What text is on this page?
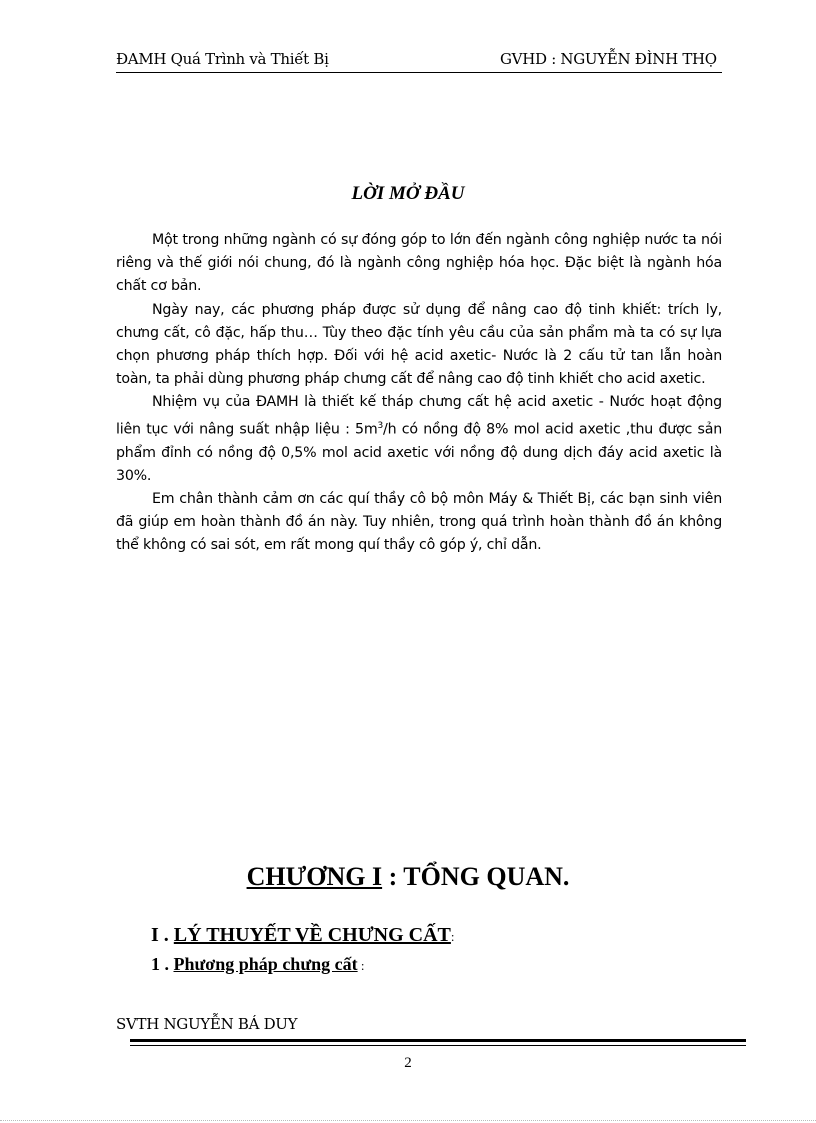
ĐAMH Quá Trình và Thiết Bị	GVHD : NGUYỄN ĐÌNH THỌ
LỜI MỞ ĐẦU

Một trong những ngành có sự đóng góp to lớn đến ngành công nghiệp nước ta nói riêng và thế giới nói chung, đó là ngành công nghiệp hóa học. Đặc biệt là ngành hóa chất cơ bản.

Ngày nay, các phương pháp được sử dụng để nâng cao độ tinh khiết: trích ly, chưng cất, cô đặc, hấp thu… Tùy theo đặc tính yêu cầu của sản phẩm mà ta có sự lựa chọn phương pháp thích hợp. Đối với hệ acid axetic- Nước là 2 cấu tử tan lẫn hoàn toàn, ta phải dùng phương pháp chưng cất để nâng cao độ tinh khiết cho acid axetic.

Nhiệm vụ của ĐAMH là thiết kế tháp chưng cất hệ acid axetic - Nước hoạt động liên tục với nâng suất nhập liệu : $5m^3/h$ có nồng độ 8% mol acid axetic ,thu được sản phẩm đỉnh có nồng độ 0,5% mol acid axetic với nồng độ dung dịch đáy acid axetic là 30%.

Em chân thành cảm ơn các quí thầy cô bộ môn Máy & Thiết Bị, các bạn sinh viên đã giúp em hoàn thành đồ án này. Tuy nhiên, trong quá trình hoàn thành đồ án không thể không có sai sót, em rất mong quí thầy cô góp ý, chỉ dẫn.

CHƯƠNG I : TỔNG QUAN.
I . LÝ THUYẾT VỀ CHƯNG CẤT:
1 . Phương pháp chưng cất :
SVTH NGUYỄN BÁ DUY
2
